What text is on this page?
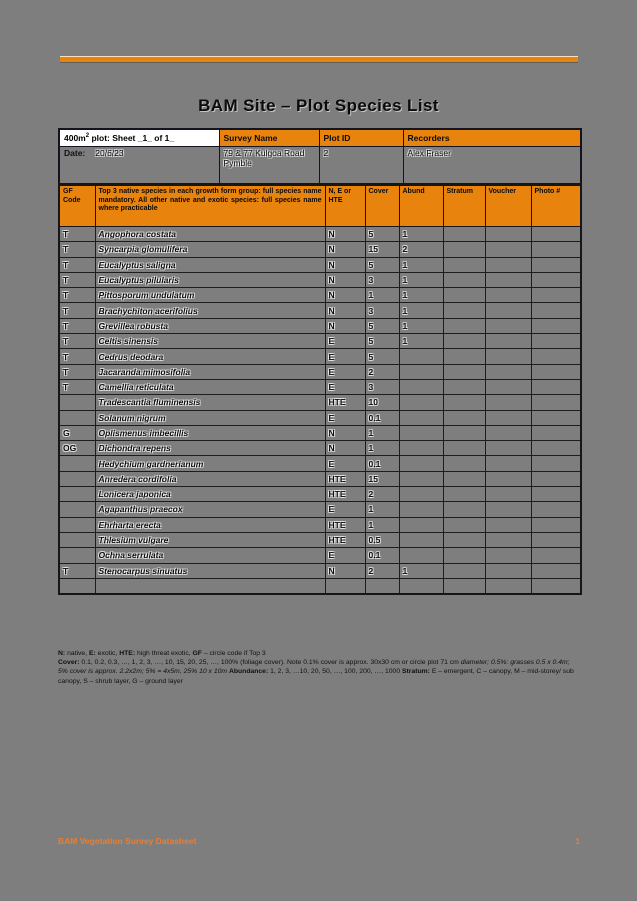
BAM Site – Plot Species List
$400m^2$ plot: Sheet _1_ of 1_	Survey Name	Plot ID	Recorders
Date: 20/6/23	79 & 77 Kulgoa Road Pymble	2	Alex Fraser
GF Code	Top 3 native species in each growth form group: full species name mandatory. All other native and exotic species: full species name where practicable	N, E or HTE	Cover	Abund	Stratum	Voucher	Photo #
T	Angophora costata	N	5	1			
T	Syncarpia glomulifera	N	15	2			
T	Eucalyptus saligna	N	5	1			
T	Eucalyptus pilularis	N	3	1			
T	Pittosporum undulatum	N	1	1			
T	Brachychiton acerifolius	N	3	1			
T	Grevillea robusta	N	5	1			
T	Celtis sinensis	E	5	1			
T	Cedrus deodara	E	5				
T	Jacaranda mimosifolia	E	2				
T	Camellia reticulata	E	3				
	Tradescantia fluminensis	HTE	10				
	Solanum nigrum	E	0.1				
G	Oplismenus imbecillis	N	1				
OG	Dichondra repens	N	1				
	Hedychium gardnerianum	E	0.1				
	Anredera cordifolia	HTE	15				
	Lonicera japonica	HTE	2				
	Agapanthus praecox	E	1				
	Ehrharta erecta	HTE	1				
	Thlesium vulgare	HTE	0.5				
	Ochna serrulata	E	0.1				
T	Stenocarpus sinuatus	N	2	1			

N: native, E: exotic, HTE: high threat exotic, GF – circle code if Top 3
Cover: 0.1, 0.2, 0.3, …, 1, 2, 3, …, 10, 15, 20, 25, …, 100% (foliage cover). Note 0.1% cover is approx. 30x30 cm or circle plot 71 cm diameter; 0.5%: grasses 0.5 x 0.4m; 5% cover is approx. 2.2x2m; 5% = 4x5m, 25% 10 x 10m Abundance: 1, 2, 3, …10, 20, 50, …, 100, 200, …, 1000 Stratum: E – emergent, C – canopy, M – mid-storey/ sub canopy, S – shrub layer, G – ground layer
BAM Vegetation Survey Datasheet	1
